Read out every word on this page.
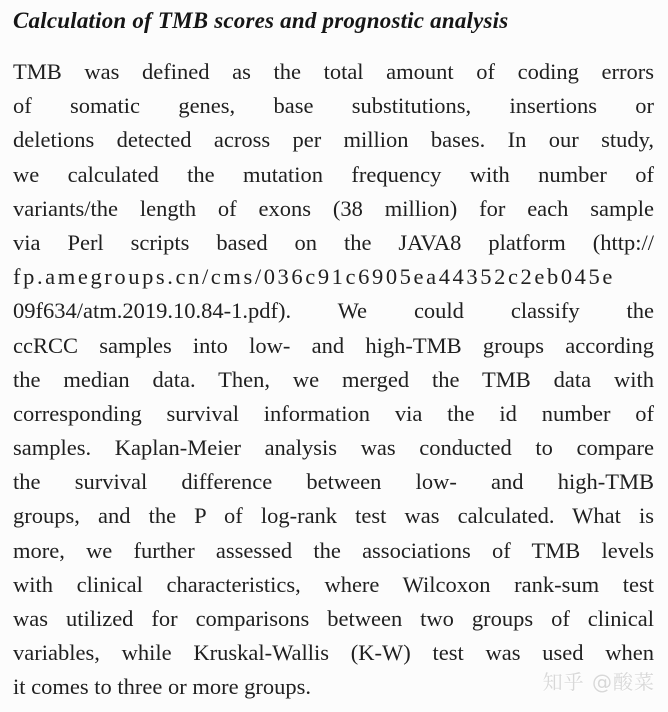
Calculation of TMB scores and prognostic analysis
TMB was defined as the total amount of coding errors
of somatic genes, base substitutions, insertions or
deletions detected across per million bases. In our study,
we calculated the mutation frequency with number of
variants/the length of exons (38 million) for each sample
via Perl scripts based on the JAVA8 platform (http://
fp.amegroups.cn/cms/036c91c6905ea44352c2eb045e
09f634/atm.2019.10.84-1.pdf). We could classify the
ccRCC samples into low- and high-TMB groups according
the median data. Then, we merged the TMB data with
corresponding survival information via the id number of
samples. Kaplan-Meier analysis was conducted to compare
the survival difference between low- and high-TMB
groups, and the P of log-rank test was calculated. What is
more, we further assessed the associations of TMB levels
with clinical characteristics, where Wilcoxon rank-sum test
was utilized for comparisons between two groups of clinical
variables, while Kruskal-Wallis (K-W) test was used when
it comes to three or more groups.	知乎 @酸菜
